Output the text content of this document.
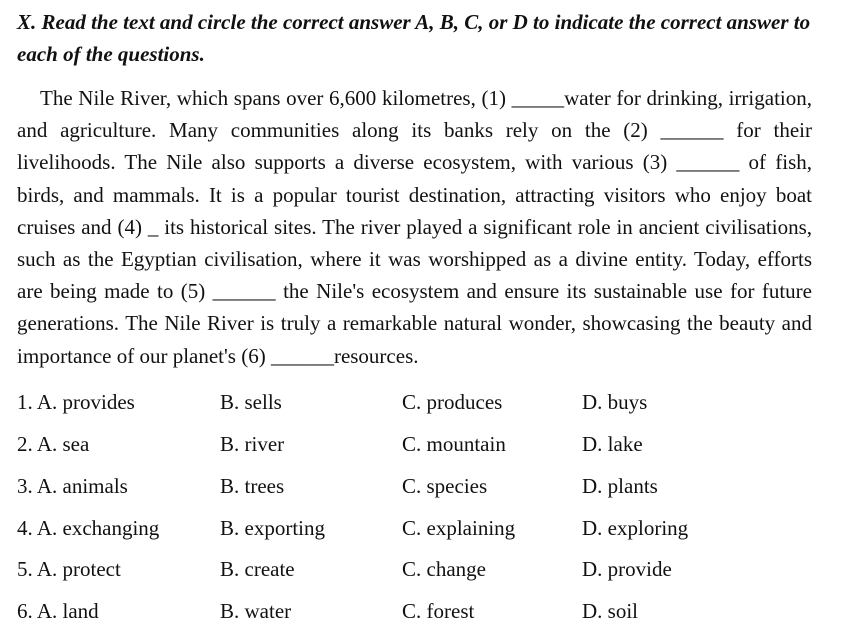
X. Read the text and circle the correct answer A, B, C, or D to indicate the correct answer to each of the questions.

The Nile River, which spans over 6,600 kilometres, (1) _____water for drinking, irrigation, and agriculture. Many communities along its banks rely on the (2) ______ for their livelihoods. The Nile also supports a diverse ecosystem, with various (3) ______ of fish, birds, and mammals. It is a popular tourist destination, attracting visitors who enjoy boat cruises and (4) _ its historical sites. The river played a significant role in ancient civilisations, such as the Egyptian civilisation, where it was worshipped as a divine entity. Today, efforts are being made to (5) ______ the Nile's ecosystem and ensure its sustainable use for future generations. The Nile River is truly a remarkable natural wonder, showcasing the beauty and importance of our planet's (6) ______resources.

1. A. provides	B. sells	C. produces	D. buys
2. A. sea	B. river	C. mountain	D. lake
3. A. animals	B. trees	C. species	D. plants
4. A. exchanging	B. exporting	C. explaining	D. exploring
5. A. protect	B. create	C. change	D. provide
6. A. land	B. water	C. forest	D. soil
